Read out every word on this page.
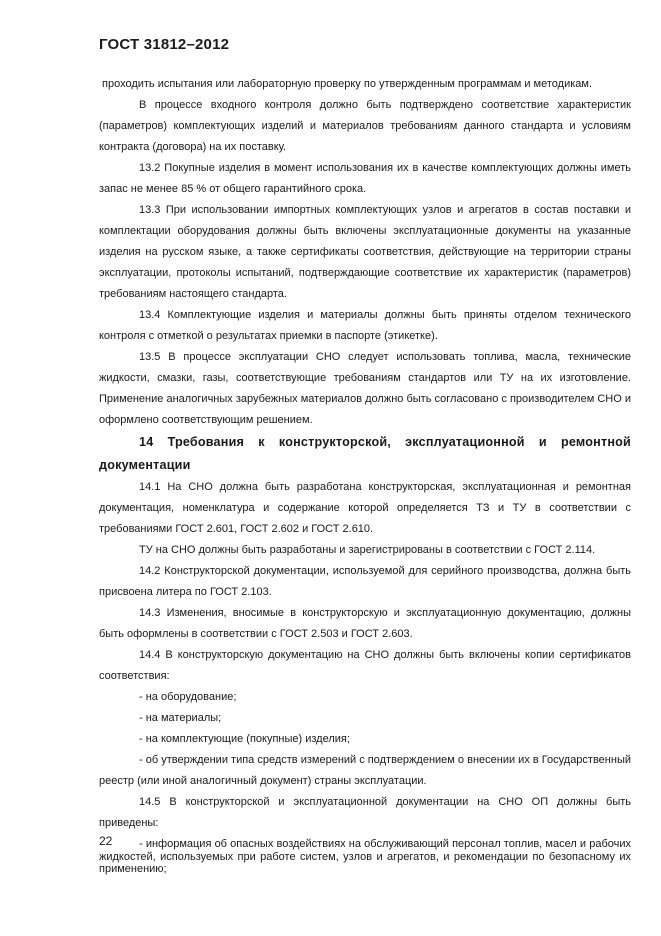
ГОСТ 31812–2012

проходить испытания или лабораторную проверку по утвержденным программам и методикам.

В процессе входного контроля должно быть подтверждено соответствие характеристик (параметров) комплектующих изделий и материалов требованиям данного стандарта и условиям контракта (договора) на их поставку.

13.2 Покупные изделия в момент использования их в качестве комплектующих должны иметь запас не менее 85 % от общего гарантийного срока.

13.3 При использовании импортных комплектующих узлов и агрегатов в состав поставки и комплектации оборудования должны быть включены эксплуатационные документы на указанные изделия на русском языке, а также сертификаты соответствия, действующие на территории страны эксплуатации, протоколы испытаний, подтверждающие соответствие их характеристик (параметров) требованиям настоящего стандарта.

13.4 Комплектующие изделия и материалы должны быть приняты отделом технического контроля с отметкой о результатах приемки в паспорте (этикетке).

13.5 В процессе эксплуатации СНО следует использовать топлива, масла, технические жидкости, смазки, газы, соответствующие требованиям стандартов или ТУ на их изготовление. Применение аналогичных зарубежных материалов должно быть согласовано с производителем СНО и оформлено соответствующим решением.

14 Требования к конструкторской, эксплуатационной и ремонтной документации

14.1 На СНО должна быть разработана конструкторская, эксплуатационная и ремонтная документация, номенклатура и содержание которой определяется ТЗ и ТУ в соответствии с требованиями ГОСТ 2.601, ГОСТ 2.602 и ГОСТ 2.610.

ТУ на СНО должны быть разработаны и зарегистрированы в соответствии с ГОСТ 2.114.

14.2 Конструкторской документации, используемой для серийного производства, должна быть присвоена литера по ГОСТ 2.103.

14.3 Изменения, вносимые в конструкторскую и эксплуатационную документацию, должны быть оформлены в соответствии с ГОСТ 2.503 и ГОСТ 2.603.

14.4 В конструкторскую документацию на СНО должны быть включены копии сертификатов соответствия:

- на оборудование;

- на материалы;

- на комплектующие (покупные) изделия;

- об утверждении типа средств измерений с подтверждением о внесении их в Государственный реестр (или иной аналогичный документ) страны эксплуатации.

14.5 В конструкторской и эксплуатационной документации на СНО ОП должны быть приведены:

- информация об опасных воздействиях на обслуживающий персонал топлив, масел и рабочих жидкостей, используемых при работе систем, узлов и агрегатов, и рекомендации по безопасному их применению;

22
